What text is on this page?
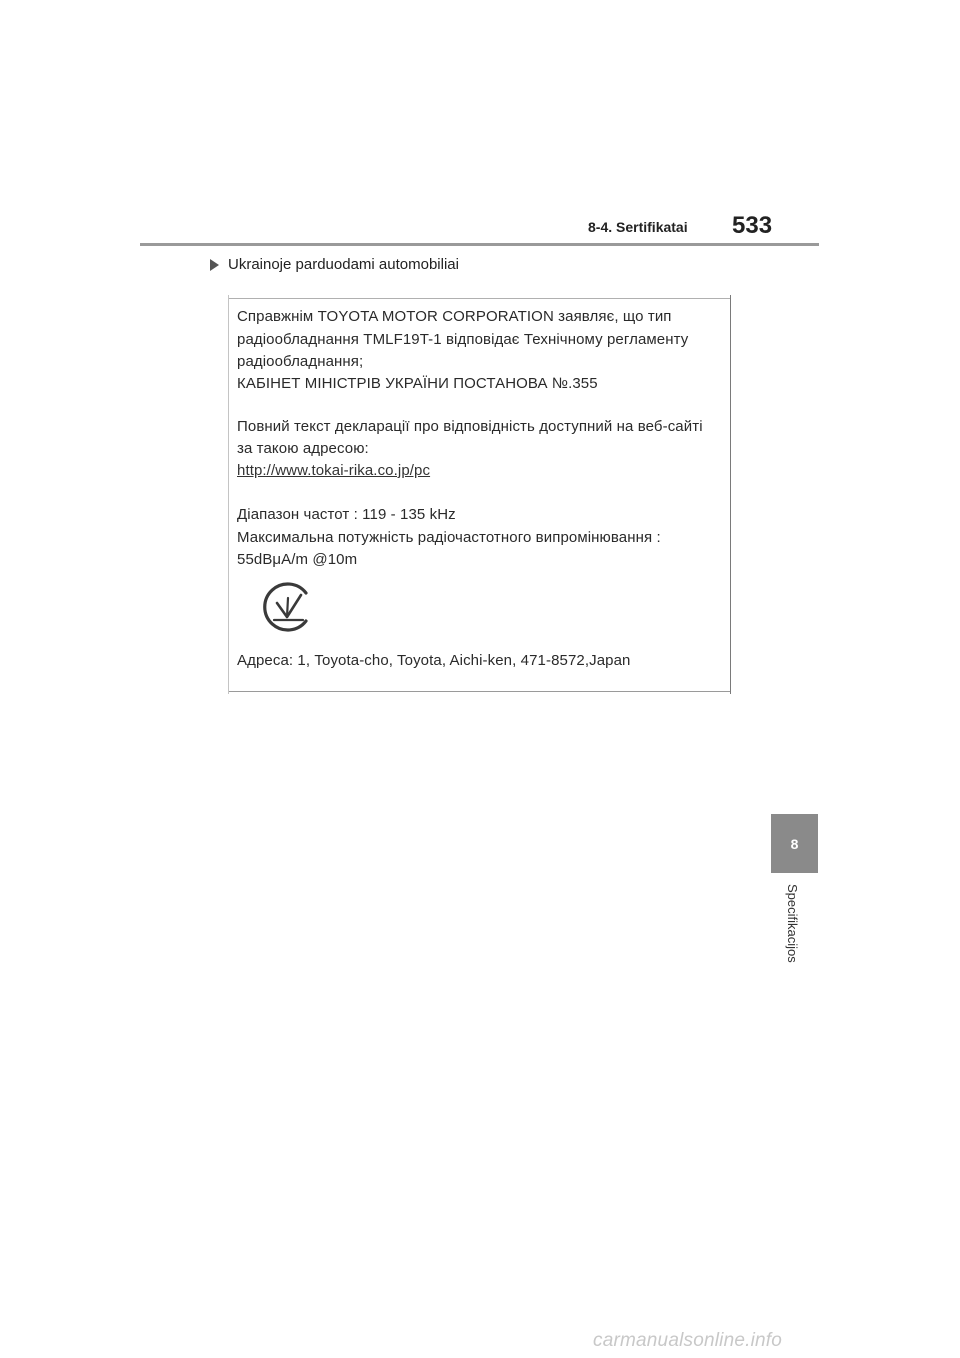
8-4. Sertifikatai 533
Ukrainoje parduodami automobiliai
Справжнім TOYOTA MOTOR CORPORATION заявляє, що тип
радіообладнання TMLF19T-1 відповідає Технічному регламенту
радіообладнання;
КАБІНЕТ МІНІСТРІВ УКРАЇНИ ПОСТАНОВА №.355
Повний текст декларації про відповідність доступний на веб-сайті
за такою адресою:
http://www.tokai-rika.co.jp/pc
Діапазон частот : 119 - 135 kHz
Максимальна потужність радіочастотного випромінювання :
55dBμA/m @10m
Адреса: 1, Toyota-cho, Toyota, Aichi-ken, 471-8572,Japan
8
Specifikacijos
carmanualsonline.info
